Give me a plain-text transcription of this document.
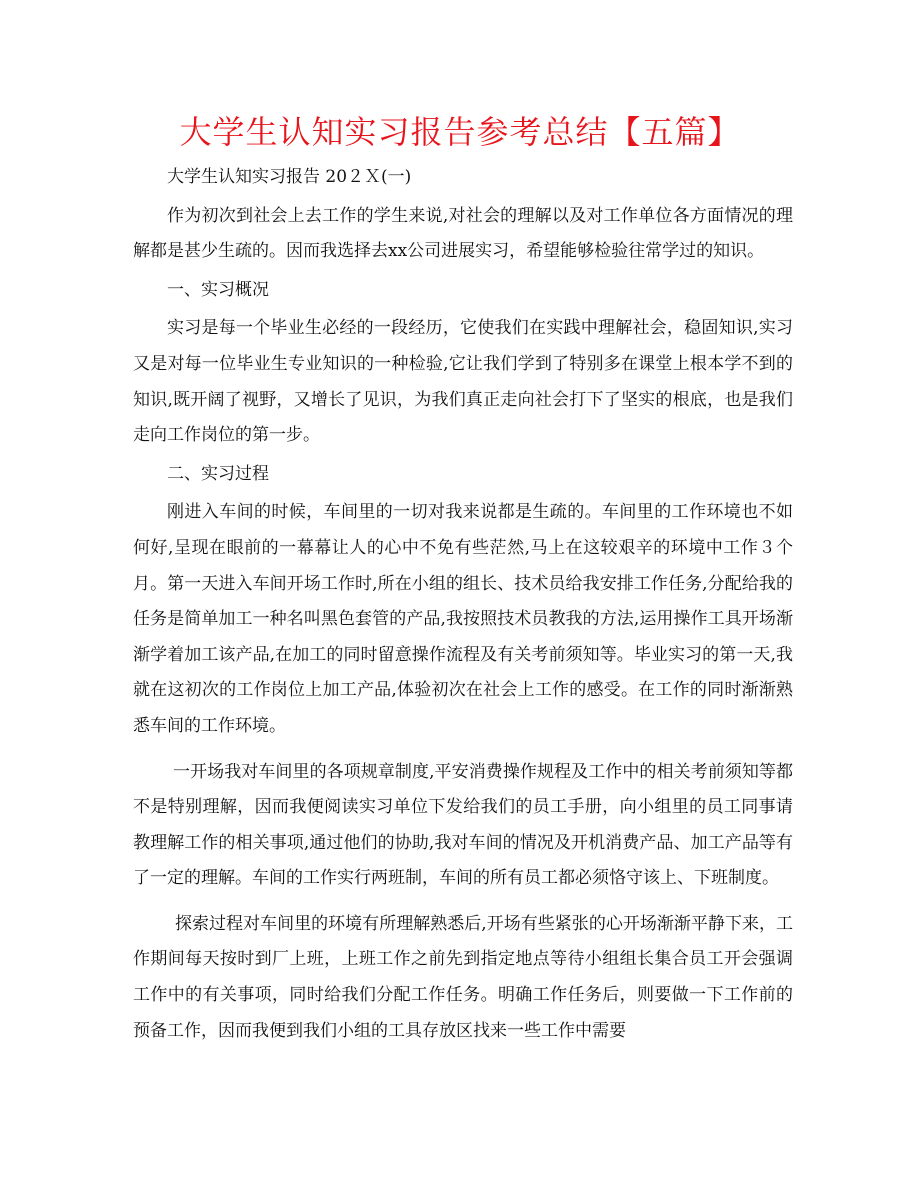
大学生认知实习报告参考总结【五篇】

大学生认知实习报告 20２Ｘ(一)

作为初次到社会上去工作的学生来说,对社会的理解以及对工作单位各方面情况的理解都是甚少生疏的。因而我选择去xx公司进展实习，希望能够检验往常学过的知识。

一、实习概况

实习是每一个毕业生必经的一段经历，它使我们在实践中理解社会，稳固知识,实习又是对每一位毕业生专业知识的一种检验,它让我们学到了特别多在课堂上根本学不到的知识,既开阔了视野，又增长了见识，为我们真正走向社会打下了坚实的根底，也是我们走向工作岗位的第一步。

二、实习过程

刚进入车间的时候，车间里的一切对我来说都是生疏的。车间里的工作环境也不如何好,呈现在眼前的一幕幕让人的心中不免有些茫然,马上在这较艰辛的环境中工作３个月。第一天进入车间开场工作时,所在小组的组长、技术员给我安排工作任务,分配给我的任务是简单加工一种名叫黑色套管的产品,我按照技术员教我的方法,运用操作工具开场渐渐学着加工该产品,在加工的同时留意操作流程及有关考前须知等。毕业实习的第一天,我就在这初次的工作岗位上加工产品,体验初次在社会上工作的感受。在工作的同时渐渐熟悉车间的工作环境。

一开场我对车间里的各项规章制度,平安消费操作规程及工作中的相关考前须知等都不是特别理解，因而我便阅读实习单位下发给我们的员工手册，向小组里的员工同事请教理解工作的相关事项,通过他们的协助,我对车间的情况及开机消费产品、加工产品等有了一定的理解。车间的工作实行两班制，车间的所有员工都必须恪守该上、下班制度。

探索过程对车间里的环境有所理解熟悉后,开场有些紧张的心开场渐渐平静下来，工作期间每天按时到厂上班，上班工作之前先到指定地点等待小组组长集合员工开会强调工作中的有关事项，同时给我们分配工作任务。明确工作任务后，则要做一下工作前的预备工作，因而我便到我们小组的工具存放区找来一些工作中需要
